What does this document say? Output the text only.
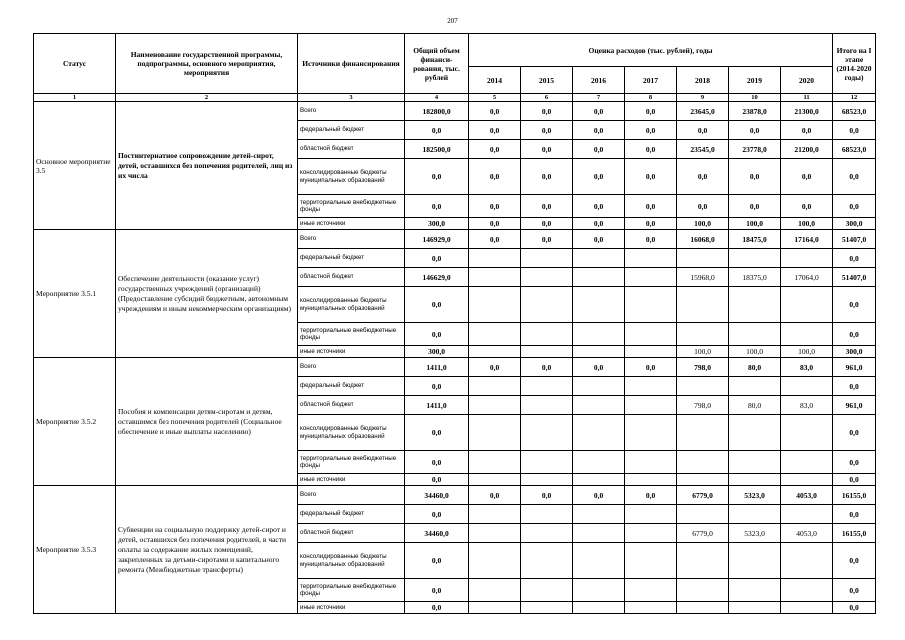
207
Статус	Наименование государственной программы, подпрограммы, основного мероприятия, мероприятия	Источники финансирования	Общий объем финанси-рования, тыс. рублей	Оценка расходов (тыс. рублей), годы							Итого на I этапе (2014-2020 годы)
				2014	2015	2016	2017	2018	2019	2020	
1	2	3	4	5	6	7	8	9	10	11	12
Основное мероприятие 3.5	Постинтернатное сопровождение детей-сирот, детей, оставшихся без попечения родителей, лиц из их числа	Всего	182800,0	0,0	0,0	0,0	0,0	23645,0	23878,0	21300,0	68523,0
		федеральный бюджет	0,0	0,0	0,0	0,0	0,0	0,0	0,0	0,0	0,0
		областной бюджет	182500,0	0,0	0,0	0,0	0,0	23545,0	23778,0	21200,0	68523,0
		консолидированные бюджеты муниципальных образований	0,0	0,0	0,0	0,0	0,0	0,0	0,0	0,0	0,0
		территориальные внебюджетные фонды	0,0	0,0	0,0	0,0	0,0	0,0	0,0	0,0	0,0
		иные источники	300,0	0,0	0,0	0,0	0,0	100,0	100,0	100,0	300,0
Мероприятие 3.5.1	Обеспечение деятельности (оказание услуг) государственных учреждений (организаций) (Предоставление субсидий бюджетным, автономным учреждениям и иным некоммерческим организациям)	Всего	146929,0	0,0	0,0	0,0	0,0	16068,0	18475,0	17164,0	51407,0
		федеральный бюджет	0,0								0,0
		областной бюджет	146629,0					15968,0	18375,0	17064,0	51407,0
		консолидированные бюджеты муниципальных образований	0,0								0,0
		территориальные внебюджетные фонды	0,0								0,0
		иные источники	300,0					100,0	100,0	100,0	300,0
Мероприятие 3.5.2	Пособия и компенсации детям-сиротам и детям, оставшимся без попечения родителей (Социальное обеспечение и иные выплаты населению)	Всего	1411,0	0,0	0,0	0,0	0,0	798,0	80,0	83,0	961,0
		федеральный бюджет	0,0								0,0
		областной бюджет	1411,0					798,0	80,0	83,0	961,0
		консолидированные бюджеты муниципальных образований	0,0								0,0
		территориальные внебюджетные фонды	0,0								0,0
		иные источники	0,0								0,0
Мероприятие 3.5.3	Субвенции на социальную поддержку детей-сирот и детей, оставшихся без попечения родителей, в части оплаты за содержание жилых помещений, закрепленных за детьми-сиротами и капитального ремонта (Межбюджетные трансферты)	Всего	34460,0	0,0	0,0	0,0	0,0	6779,0	5323,0	4053,0	16155,0
		федеральный бюджет	0,0								0,0
		областной бюджет	34460,0					6779,0	5323,0	4053,0	16155,0
		консолидированные бюджеты муниципальных образований	0,0								0,0
		территориальные внебюджетные фонды	0,0								0,0
		иные источники	0,0								0,0
